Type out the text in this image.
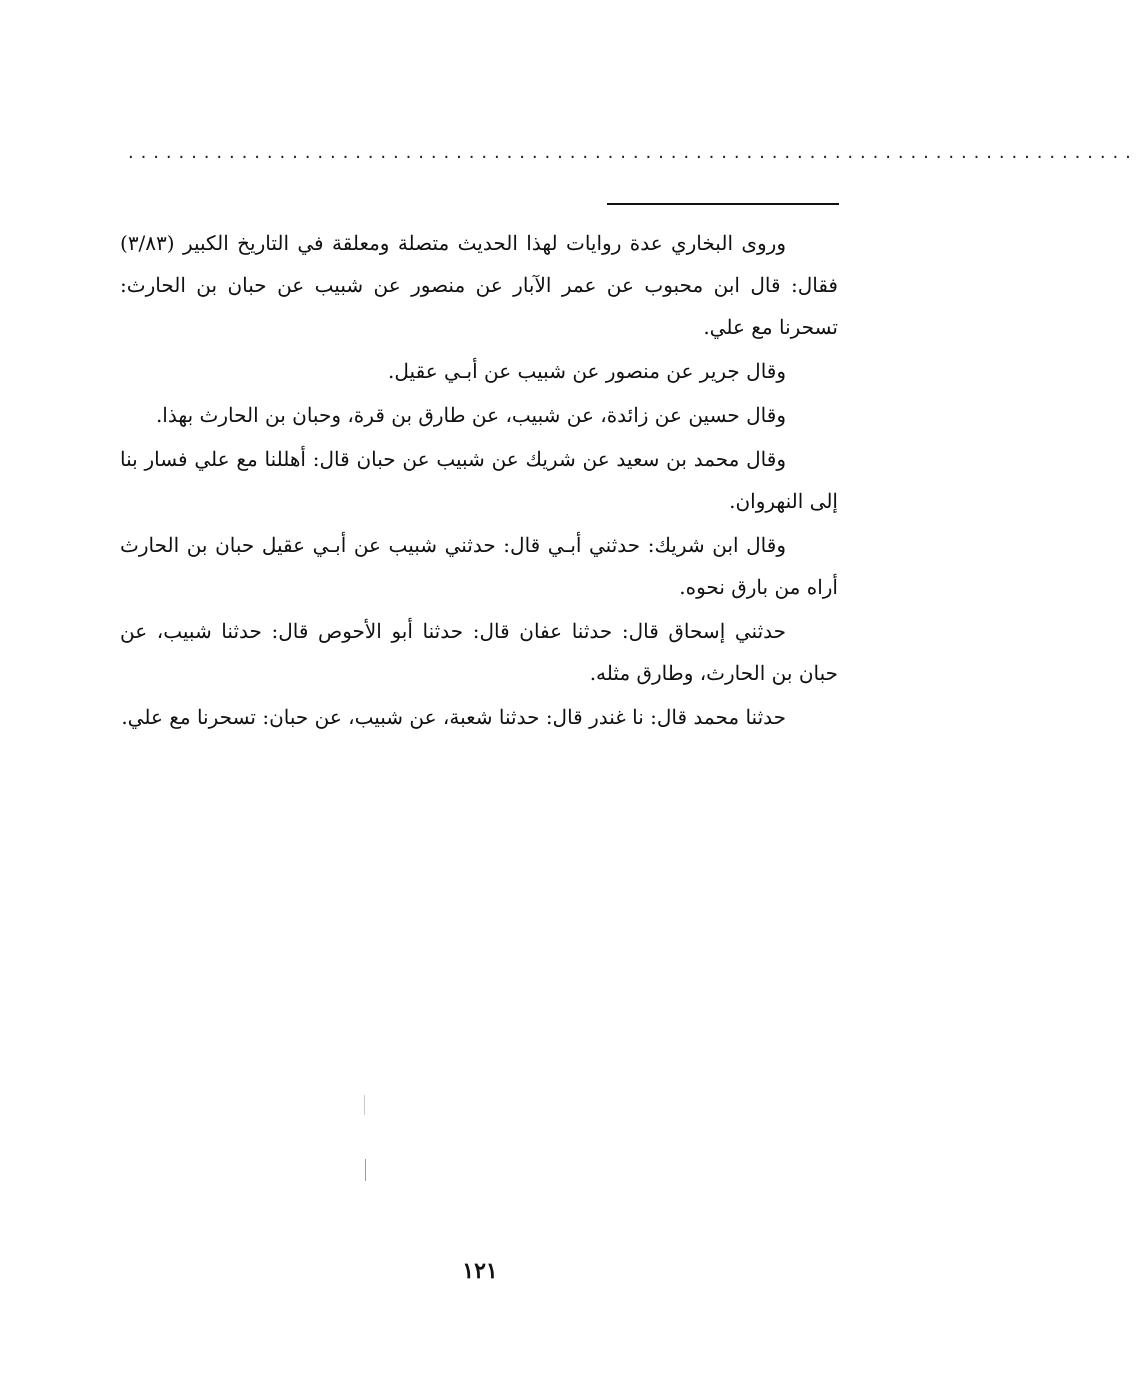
................................................................................

وروى البخاري عدة روايات لهذا الحديث متصلة ومعلقة في التاريخ الكبير (٣/٨٣) فقال: قال ابن محبوب عن عمر الآبار عن منصور عن شبيب عن حبان بن الحارث: تسحرنا مع علي.

وقال جرير عن منصور عن شبيب عن أبـي عقيل.

وقال حسين عن زائدة، عن شبيب، عن طارق بن قرة، وحبان بن الحارث بهذا.

وقال محمد بن سعيد عن شريك عن شبيب عن حبان قال: أهللنا مع علي فسار بنا إلى النهروان.

وقال ابن شريك: حدثني أبـي قال: حدثني شبيب عن أبـي عقيل حبان بن الحارث أراه من بارق نحوه.

حدثني إسحاق قال: حدثنا عفان قال: حدثنا أبو الأحوص قال: حدثنا شبيب، عن حبان بن الحارث، وطارق مثله.

حدثنا محمد قال: نا غندر قال: حدثنا شعبة، عن شبيب، عن حبان: تسحرنا مع علي.

١٢١
